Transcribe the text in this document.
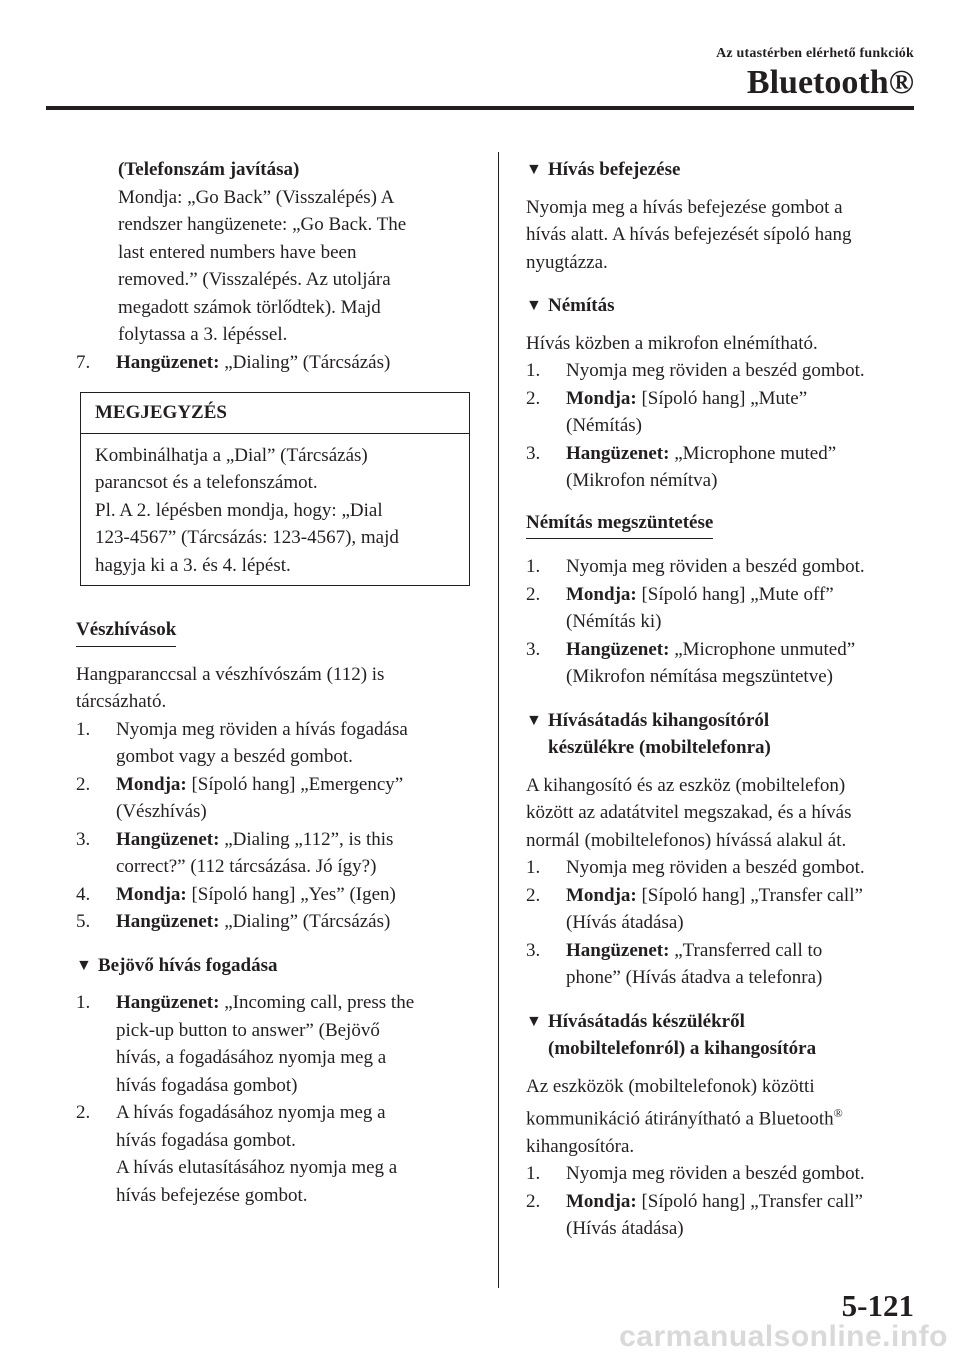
Az utastérben elérhető funkciók
Bluetooth®
(Telefonszám javítása)
Mondja: „Go Back” (Visszalépés) A
rendszer hangüzenete: „Go Back. The
last entered numbers have been
removed.” (Visszalépés. Az utoljára
megadott számok törlődtek). Majd
folytassa a 3. lépéssel.
7.	Hangüzenet: „Dialing” (Tárcsázás)
MEGJEGYZÉS
Kombinálhatja a „Dial” (Tárcsázás)
parancsot és a telefonszámot.
Pl. A 2. lépésben mondja, hogy: „Dial
123-4567” (Tárcsázás: 123-4567), majd
hagyja ki a 3. és 4. lépést.
Vészhívások
Hangparanccsal a vészhívószám (112) is
tárcsázható.
1.	Nyomja meg röviden a hívás fogadása
gombot vagy a beszéd gombot.
2.	Mondja: [Sípoló hang] „Emergency”
(Vészhívás)
3.	Hangüzenet: „Dialing „112”, is this
correct?” (112 tárcsázása. Jó így?)
4.	Mondja: [Sípoló hang] „Yes” (Igen)
5.	Hangüzenet: „Dialing” (Tárcsázás)
▼ Bejövő hívás fogadása
1.	Hangüzenet: „Incoming call, press the
pick-up button to answer” (Bejövő
hívás, a fogadásához nyomja meg a
hívás fogadása gombot)
2.	A hívás fogadásához nyomja meg a
hívás fogadása gombot.
A hívás elutasításához nyomja meg a
hívás befejezése gombot.
▼ Hívás befejezése
Nyomja meg a hívás befejezése gombot a
hívás alatt. A hívás befejezését sípoló hang
nyugtázza.
▼ Némítás
Hívás közben a mikrofon elnémítható.
1.	Nyomja meg röviden a beszéd gombot.
2.	Mondja: [Sípoló hang] „Mute”
(Némítás)
3.	Hangüzenet: „Microphone muted”
(Mikrofon némítva)
Némítás megszüntetése
1.	Nyomja meg röviden a beszéd gombot.
2.	Mondja: [Sípoló hang] „Mute off”
(Némítás ki)
3.	Hangüzenet: „Microphone unmuted”
(Mikrofon némítása megszüntetve)
▼ Hívásátadás kihangosítóról
készülékre (mobiltelefonra)
A kihangosító és az eszköz (mobiltelefon)
között az adatátvitel megszakad, és a hívás
normál (mobiltelefonos) hívássá alakul át.
1.	Nyomja meg röviden a beszéd gombot.
2.	Mondja: [Sípoló hang] „Transfer call”
(Hívás átadása)
3.	Hangüzenet: „Transferred call to
phone” (Hívás átadva a telefonra)
▼ Hívásátadás készülékről
(mobiltelefonról) a kihangosítóra
Az eszközök (mobiltelefonok) közötti
kommunikáció átirányítható a Bluetooth®
kihangosítóra.
1.	Nyomja meg röviden a beszéd gombot.
2.	Mondja: [Sípoló hang] „Transfer call”
(Hívás átadása)
5-121
carmanualsonline.info
